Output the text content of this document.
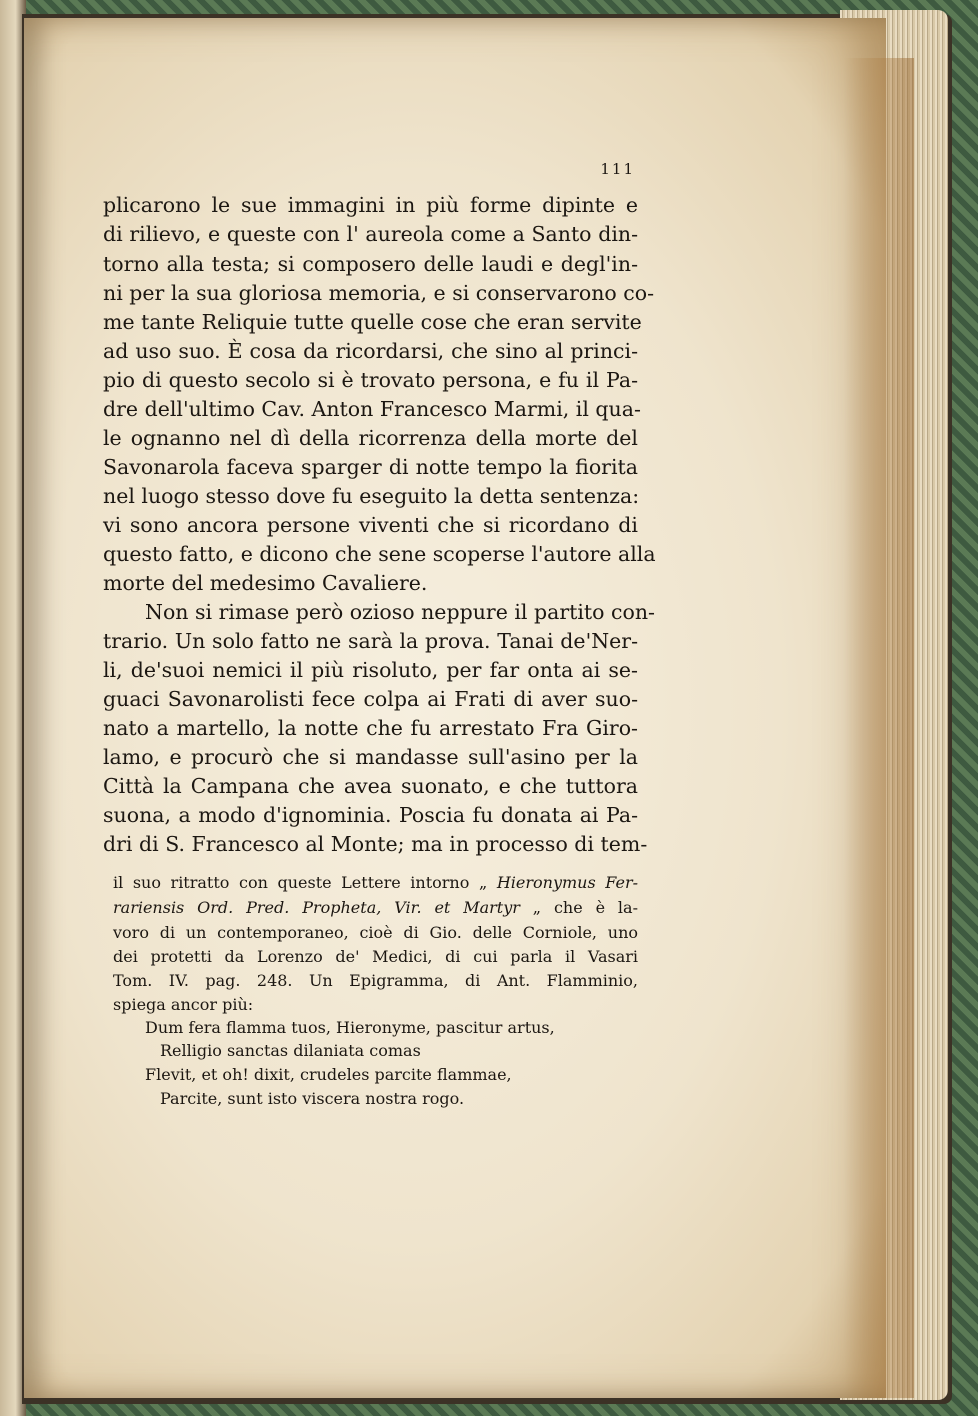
111
plicarono le sue immagini in più forme dipinte e
di rilievo, e queste con l' aureola come a Santo din-
torno alla testa; si composero delle laudi e degl'in-
ni per la sua gloriosa memoria, e si conservarono co-
me tante Reliquie tutte quelle cose che eran servite
ad uso suo. È cosa da ricordarsi, che sino al princi-
pio di questo secolo si è trovato persona, e fu il Pa-
dre dell'ultimo Cav. Anton Francesco Marmi, il qua-
le ognanno nel dì della ricorrenza della morte del
Savonarola faceva sparger di notte tempo la fiorita
nel luogo stesso dove fu eseguito la detta sentenza:
vi sono ancora persone viventi che si ricordano di
questo fatto, e dicono che sene scoperse l'autore alla
morte del medesimo Cavaliere.
Non si rimase però ozioso neppure il partito con-
trario. Un solo fatto ne sarà la prova. Tanai de'Ner-
li, de'suoi nemici il più risoluto, per far onta ai se-
guaci Savonarolisti fece colpa ai Frati di aver suo-
nato a martello, la notte che fu arrestato Fra Giro-
lamo, e procurò che si mandasse sull'asino per la
Città la Campana che avea suonato, e che tuttora
suona, a modo d'ignominia. Poscia fu donata ai Pa-
dri di S. Francesco al Monte; ma in processo di tem-
il suo ritratto con queste Lettere intorno „ Hieronymus Fer-
rariensis Ord. Pred. Propheta, Vir. et Martyr „ che è la-
voro di un contemporaneo, cioè di Gio. delle Corniole, uno
dei protetti da Lorenzo de' Medici, di cui parla il Vasari
Tom. IV. pag. 248. Un Epigramma, di Ant. Flamminio,
spiega ancor più:
Dum fera flamma tuos, Hieronyme, pascitur artus,
Relligio sanctas dilaniata comas
Flevit, et oh! dixit, crudeles parcite flammae,
Parcite, sunt isto viscera nostra rogo.
